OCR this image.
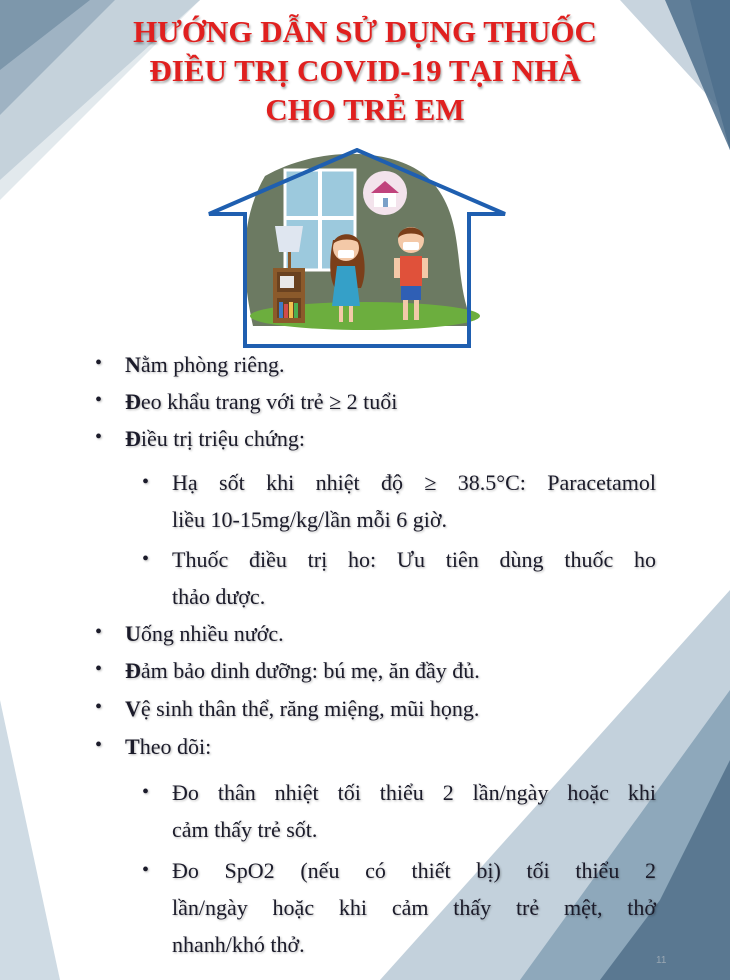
HƯỚNG DẪN SỬ DỤNG THUỐC
ĐIỀU TRỊ COVID-19 TẠI NHÀ
CHO TRẺ EM
• Nằm phòng riêng.
• Đeo khẩu trang với trẻ ≥ 2 tuổi
• Điều trị triệu chứng:
• Hạ sốt khi nhiệt độ ≥ 38.5°C: Paracetamol
liều 10-15mg/kg/lần mỗi 6 giờ.
• Thuốc điều trị ho: Ưu tiên dùng thuốc ho
thảo dược.
• Uống nhiều nước.
• Đảm bảo dinh dưỡng: bú mẹ, ăn đầy đủ.
• Vệ sinh thân thể, răng miệng, mũi họng.
• Theo dõi:
• Đo thân nhiệt tối thiểu 2 lần/ngày hoặc khi
cảm thấy trẻ sốt.
• Đo SpO2 (nếu có thiết bị) tối thiểu 2
lần/ngày hoặc khi cảm thấy trẻ mệt, thở
nhanh/khó thở.
11
